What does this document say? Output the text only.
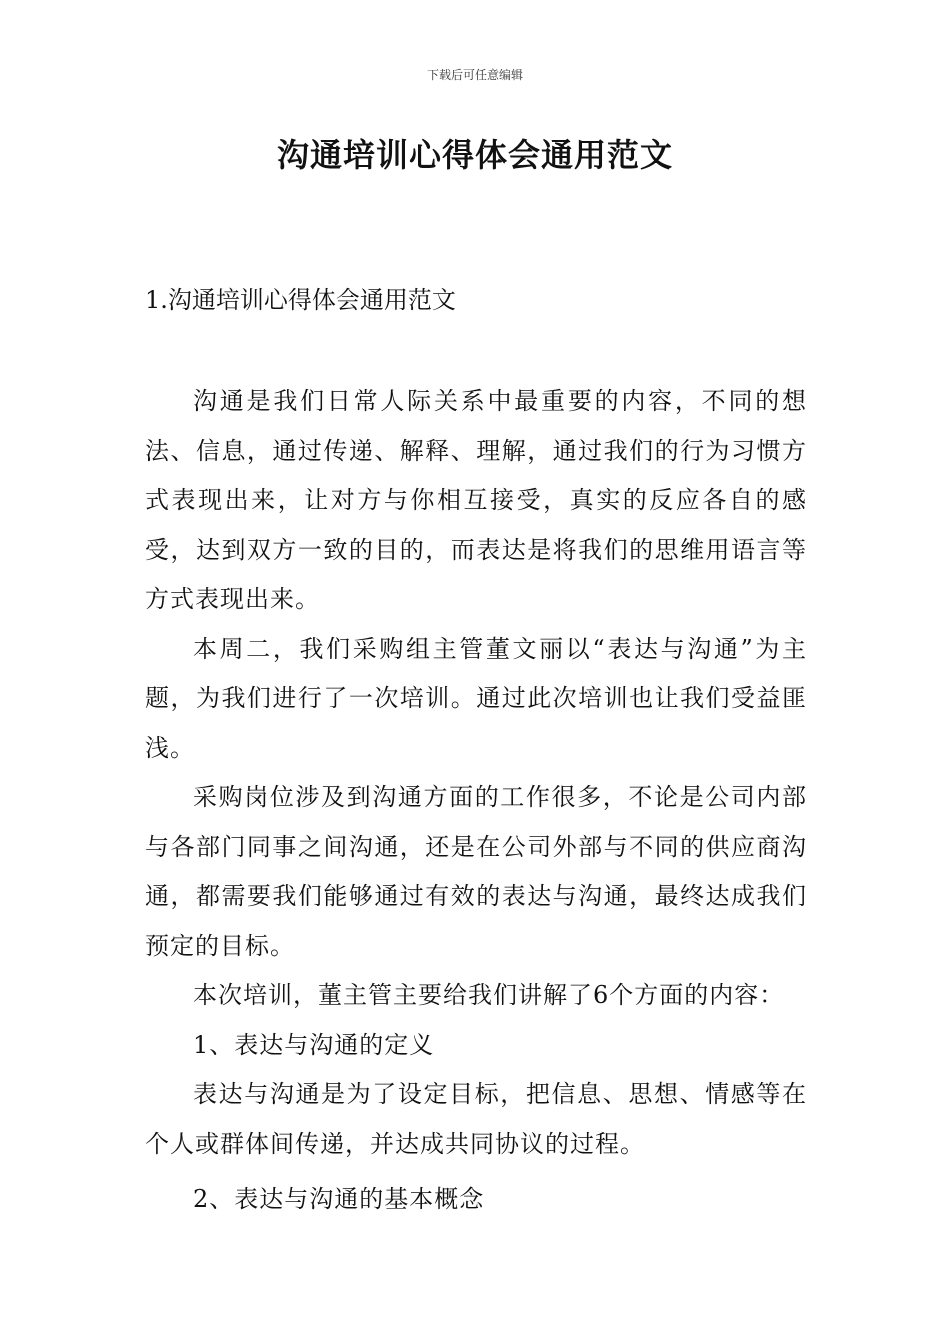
下载后可任意编辑
沟通培训心得体会通用范文
1.沟通培训心得体会通用范文

沟通是我们日常人际关系中最重要的内容，不同的想法、信息，通过传递、解释、理解，通过我们的行为习惯方式表现出来，让对方与你相互接受，真实的反应各自的感受，达到双方一致的目的，而表达是将我们的思维用语言等方式表现出来。

本周二，我们采购组主管董文丽以“表达与沟通”为主题，为我们进行了一次培训。通过此次培训也让我们受益匪浅。

采购岗位涉及到沟通方面的工作很多，不论是公司内部与各部门同事之间沟通，还是在公司外部与不同的供应商沟通，都需要我们能够通过有效的表达与沟通，最终达成我们预定的目标。

本次培训，董主管主要给我们讲解了6个方面的内容：

1、表达与沟通的定义

表达与沟通是为了设定目标，把信息、思想、情感等在个人或群体间传递，并达成共同协议的过程。

2、表达与沟通的基本概念
